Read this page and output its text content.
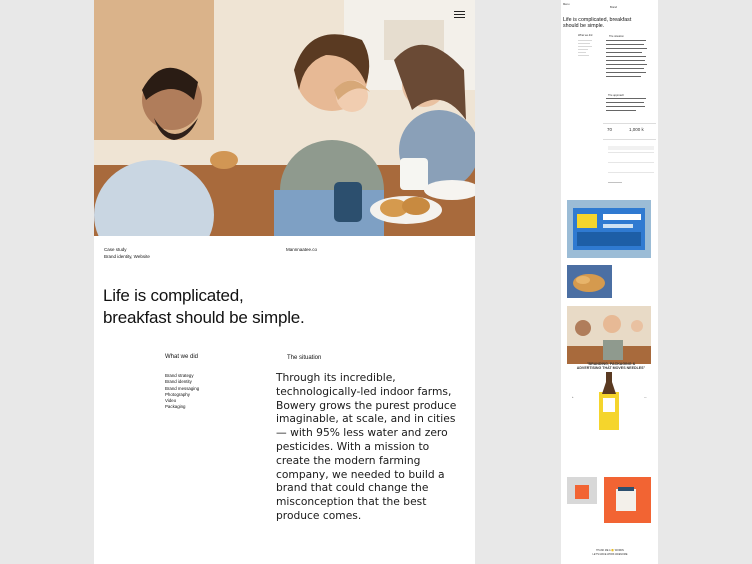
Case study
Brand identity, Website
Mannnaatee.co
Life is complicated,
breakfast should be simple.
What we did
Brand strategy
Brand identity
Brand messaging
Photography
Video
Packaging
The situation

Through its incredible, technologically-led indoor farms, Bowery grows the purest produce imaginable, at scale, and in cities — with 95% less water and zero pesticides. With a mission to create the modern farming company, we needed to build a brand that could change the misconception that the best produce comes.

Menu
Brand
Life is complicated, breakfast should be simple.
What we did	The situation
The approach
70	1,000 k
"BRANDING, PACKAGING & ADVERTISING THAT MOVES NEEDLES"
+	—
THANK ME A 🙂 WORDS
LET'S MAKE WORK AWESOME
